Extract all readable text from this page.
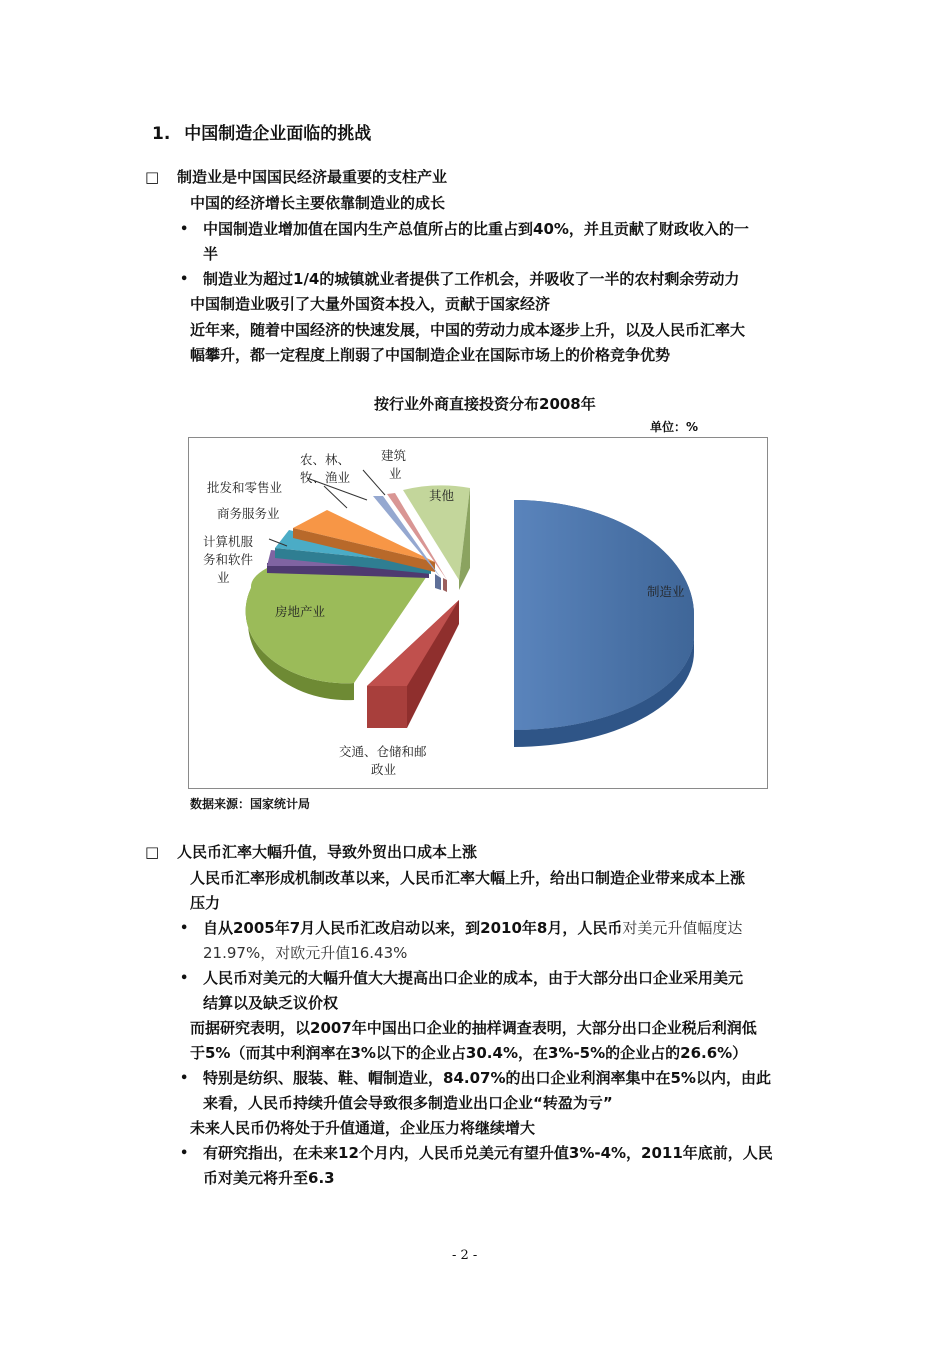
1. 中国制造企业面临的挑战
□ 制造业是中国国民经济最重要的支柱产业
中国的经济增长主要依靠制造业的成长
• 中国制造业增加值在国内生产总值所占的比重占到40%，并且贡献了财政收入的一
半
• 制造业为超过1/4的城镇就业者提供了工作机会，并吸收了一半的农村剩余劳动力
中国制造业吸引了大量外国资本投入，贡献于国家经济
近年来，随着中国经济的快速发展，中国的劳动力成本逐步上升，以及人民币汇率大
幅攀升，都一定程度上削弱了中国制造企业在国际市场上的价格竞争优势
按行业外商直接投资分布2008年
单位：%
制造业
交通、仓储和邮
政业
房地产业
计算机服
务和软件
业
商务服务业
批发和零售业
农、林、
牧、渔业
建筑
业
其他
数据来源：国家统计局
□ 人民币汇率大幅升值，导致外贸出口成本上涨
人民币汇率形成机制改革以来，人民币汇率大幅上升，给出口制造企业带来成本上涨
压力
• 自从2005年7月人民币汇改启动以来，到2010年8月，人民币对美元升值幅度达
21.97%，对欧元升值16.43%
• 人民币对美元的大幅升值大大提高出口企业的成本，由于大部分出口企业采用美元
结算以及缺乏议价权
而据研究表明，以2007年中国出口企业的抽样调查表明，大部分出口企业税后利润低
于5%（而其中利润率在3%以下的企业占30.4%，在3%-5%的企业占的26.6%）
• 特别是纺织、服装、鞋、帽制造业，84.07%的出口企业利润率集中在5%以内，由此
来看，人民币持续升值会导致很多制造业出口企业“转盈为亏”
未来人民币仍将处于升值通道，企业压力将继续增大
• 有研究指出，在未来12个月内，人民币兑美元有望升值3%-4%，2011年底前，人民
币对美元将升至6.3
- 2 -
